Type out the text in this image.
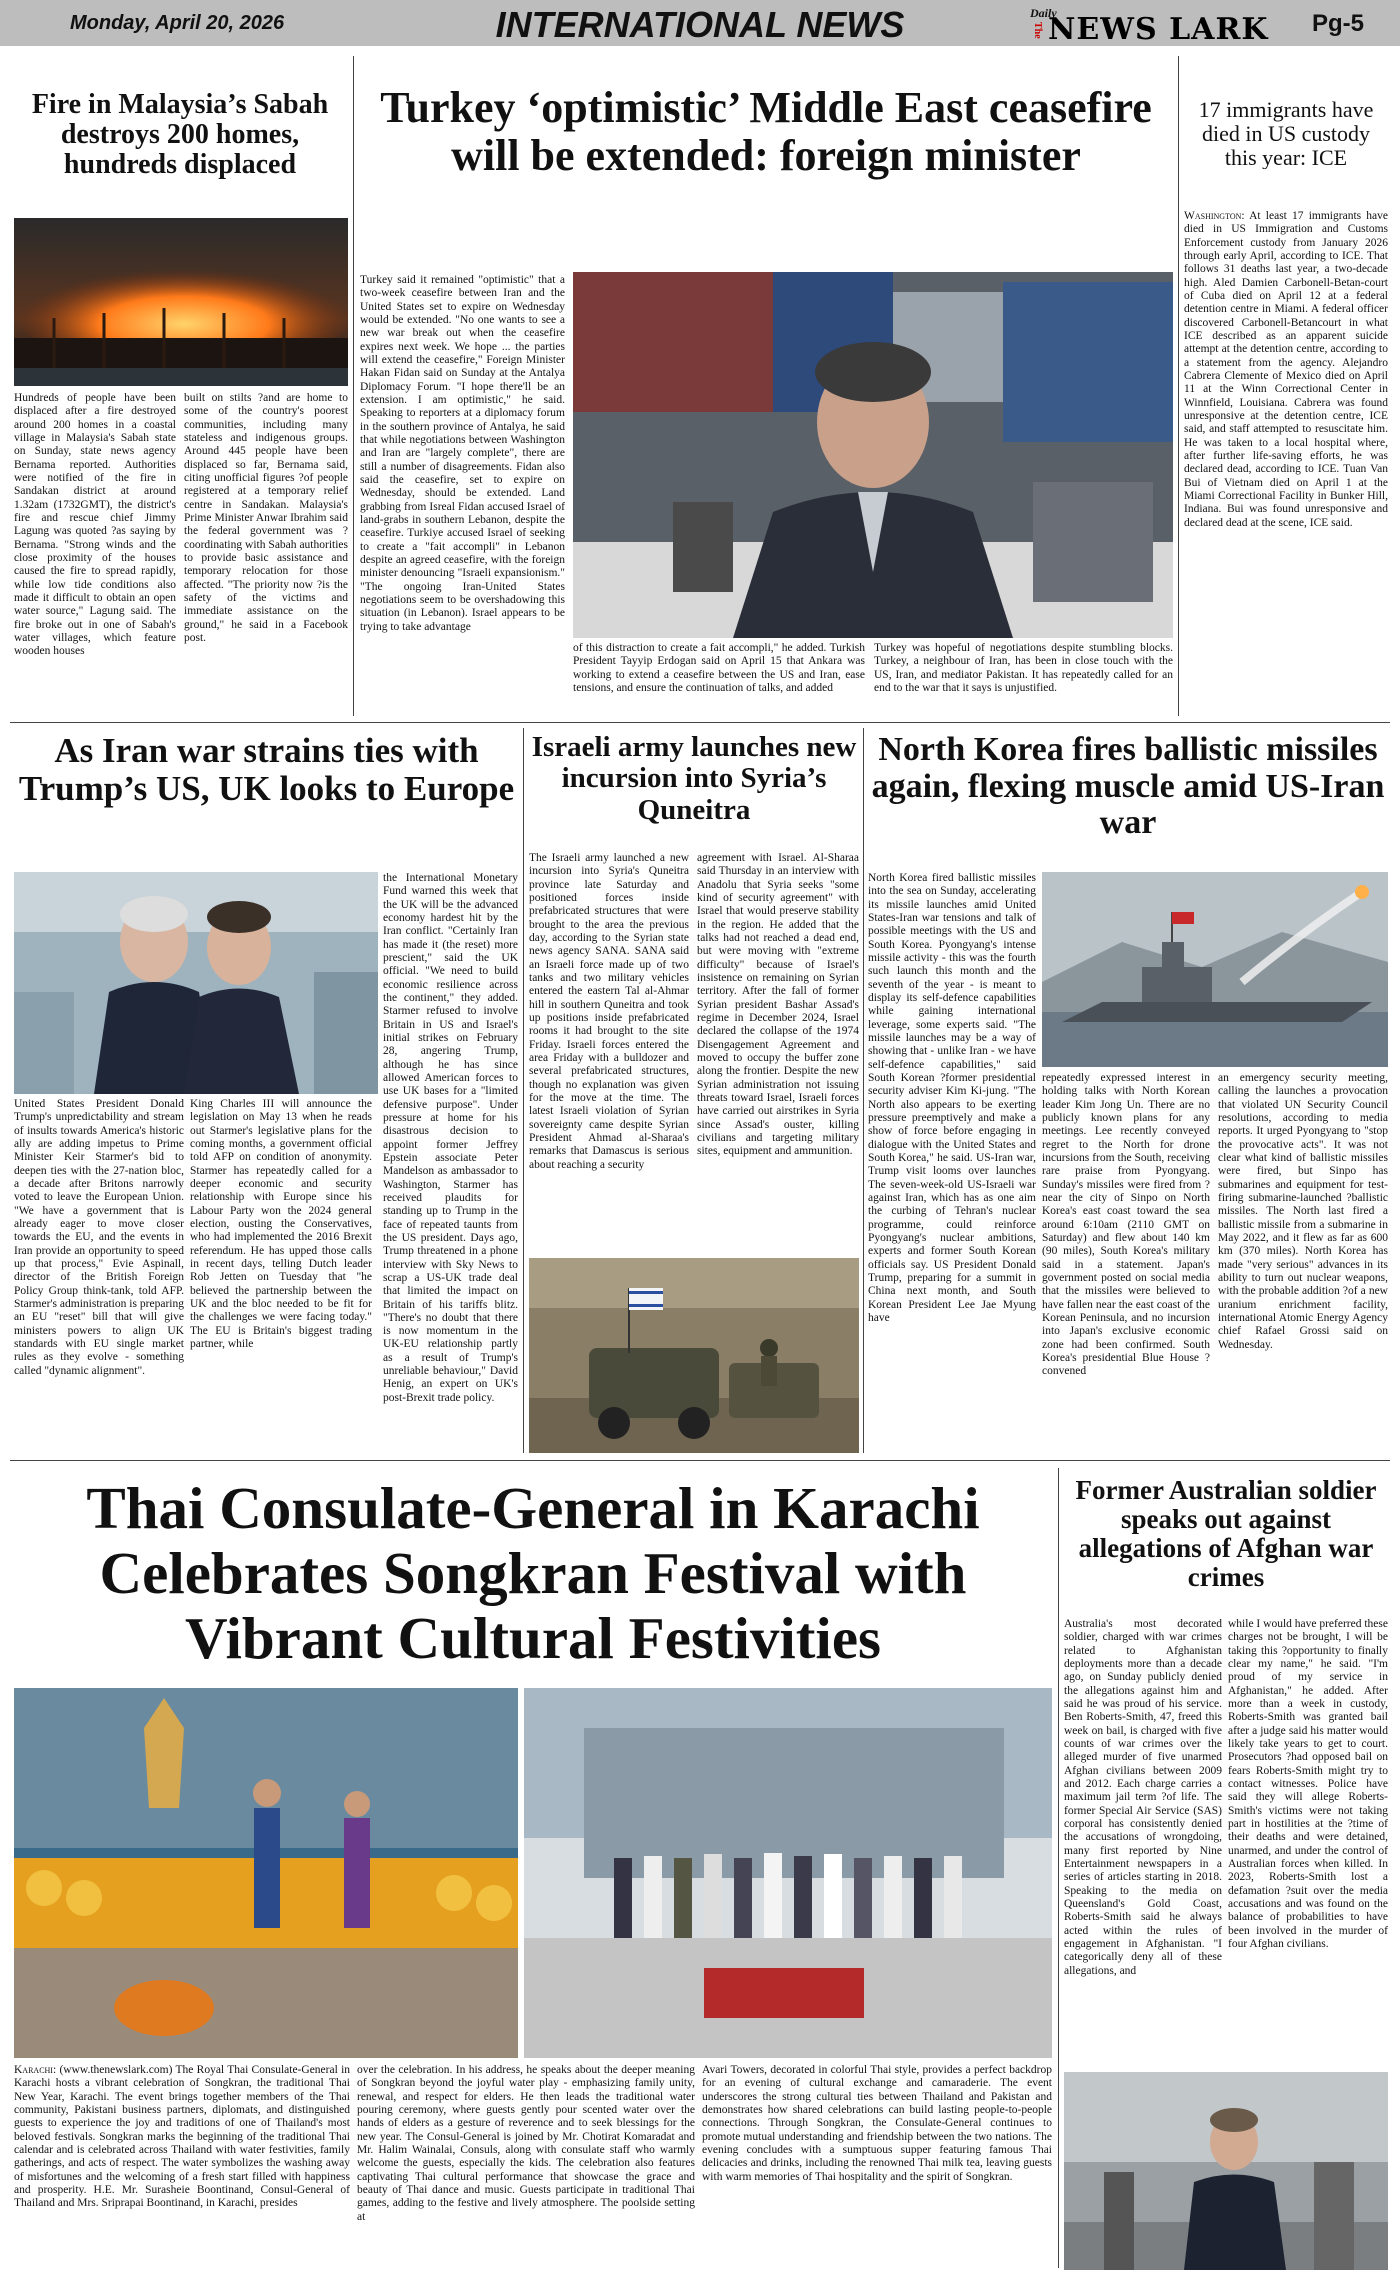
Monday, April 20, 2026	INTERNATIONAL NEWS	Daily
The NEWS LARK Pg-5
Fire in Malaysia’s Sabah destroys 200 homes, hundreds displaced
Hundreds of people have been displaced after a fire destroyed around 200 homes in a coastal village in Malaysia's Sabah state on Sunday, state news agency Bernama reported. Authorities were notified of the fire in Sandakan district at around 1.32am (1732GMT), the district's fire and rescue chief Jimmy Lagung was quoted ?as saying by Bernama. "Strong winds and the close proximity of the houses caused the fire to spread rapidly, while low tide conditions also made it difficult to obtain an open water source," Lagung said. The fire broke out in one of Sabah's water villages, which feature wooden houses
built on stilts ?and are home to some of the country's poorest communities, including many stateless and indigenous groups. Around 445 people have been displaced so far, Bernama said, citing unofficial figures ?of people registered at a temporary relief centre in Sandakan. Malaysia's Prime Minister Anwar Ibrahim said the federal government was ?coordinating with Sabah authorities to provide basic assistance and temporary relocation for those affected. "The priority now ?is the safety of the victims and immediate assistance on the ground," he said in a Facebook post.
Turkey ‘optimistic’ Middle East ceasefire will be extended: foreign minister
Turkey said it remained "optimistic" that a two-week ceasefire between Iran and the United States set to expire on Wednesday would be extended. "No one wants to see a new war break out when the ceasefire expires next week. We hope ... the parties will extend the ceasefire," Foreign Minister Hakan Fidan said on Sunday at the Antalya Diplomacy Forum. "I hope there'll be an extension. I am optimistic," he said. Speaking to reporters at a diplomacy forum in the southern province of Antalya, he said that while negotiations between Washington and Iran are "largely complete", there are still a number of disagreements. Fidan also said the ceasefire, set to expire on Wednesday, should be extended. Land grabbing from Isreal Fidan accused Israel of land-grabs in southern Lebanon, despite the ceasefire. Turkiye accused Israel of seeking to create a "fait accompli" in Lebanon despite an agreed ceasefire, with the foreign minister denouncing "Israeli expansionism." "The ongoing Iran-United States negotiations seem to be overshadowing this situation (in Lebanon). Israel appears to be trying to take advantage
of this distraction to create a fait accompli," he added. Turkish President Tayyip Erdogan said on April 15 that Ankara was working to extend a ceasefire between the US and Iran, ease tensions, and ensure the continuation of talks, and added
Turkey was hopeful of negotiations despite stumbling blocks. Turkey, a neighbour of Iran, has been in close touch with the US, Iran, and mediator Pakistan. It has repeatedly called for an end to the war that it says is unjustified.
17 immigrants have died in US custody this year: ICE
Washington: At least 17 immigrants have died in US Immigration and Customs Enforcement custody from January 2026 through early April, according to ICE. That follows 31 deaths last year, a two-decade high. Aled Damien Carbonell-Betan-court of Cuba died on April 12 at a federal detention centre in Miami. A federal officer discovered Carbonell-Betancourt in what ICE described as an apparent suicide attempt at the detention centre, according to a statement from the agency. Alejandro Cabrera Clemente of Mexico died on April 11 at the Winn Correctional Center in Winnfield, Louisiana. Cabrera was found unresponsive at the detention centre, ICE said, and staff attempted to resuscitate him. He was taken to a local hospital where, after further life-saving efforts, he was declared dead, according to ICE. Tuan Van Bui of Vietnam died on April 1 at the Miami Correctional Facility in Bunker Hill, Indiana. Bui was found unresponsive and declared dead at the scene, ICE said.
As Iran war strains ties with Trump’s US, UK looks to Europe
United States President Donald Trump's unpredictability and stream of insults towards America's historic ally are adding impetus to Prime Minister Keir Starmer's bid to deepen ties with the 27-nation bloc, a decade after Britons narrowly voted to leave the European Union. "We have a government that is already eager to move closer towards the EU, and the events in Iran provide an opportunity to speed up that process," Evie Aspinall, director of the British Foreign Policy Group think-tank, told AFP. Starmer's administration is preparing an EU "reset" bill that will give ministers powers to align UK standards with EU single market rules as they evolve - something called "dynamic alignment".
King Charles III will announce the legislation on May 13 when he reads out Starmer's legislative plans for the coming months, a government official told AFP on condition of anonymity. Starmer has repeatedly called for a deeper economic and security relationship with Europe since his Labour Party won the 2024 general election, ousting the Conservatives, who had implemented the 2016 Brexit referendum. He has upped those calls in recent days, telling Dutch leader Rob Jetten on Tuesday that "he believed the partnership between the UK and the bloc needed to be fit for the challenges we were facing today." The EU is Britain's biggest trading partner, while
the International Monetary Fund warned this week that the UK will be the advanced economy hardest hit by the Iran conflict. "Certainly Iran has made it (the reset) more prescient," said the UK official. "We need to build economic resilience across the continent," they added. Starmer refused to involve Britain in US and Israel's initial strikes on February 28, angering Trump, although he has since allowed American forces to use UK bases for a "limited defensive purpose". Under pressure at home for his disastrous decision to appoint former Jeffrey Epstein associate Peter Mandelson as ambassador to Washington, Starmer has received plaudits for standing up to Trump in the face of repeated taunts from the US president. Days ago, Trump threatened in a phone interview with Sky News to scrap a US-UK trade deal that limited the impact on Britain of his tariffs blitz. "There's no doubt that there is now momentum in the UK-EU relationship partly as a result of Trump's unreliable behaviour," David Henig, an expert on UK's post-Brexit trade policy.
Israeli army launches new incursion into Syria’s Quneitra
The Israeli army launched a new incursion into Syria's Quneitra province late Saturday and positioned forces inside prefabricated structures that were brought to the area the previous day, according to the Syrian state news agency SANA. SANA said an Israeli force made up of two tanks and two military vehicles entered the eastern Tal al-Ahmar hill in southern Quneitra and took up positions inside prefabricated rooms it had brought to the site Friday. Israeli forces entered the area Friday with a bulldozer and several prefabricated structures, though no explanation was given for the move at the time. The latest Israeli violation of Syrian sovereignty came despite Syrian President Ahmad al-Sharaa's remarks that Damascus is serious about reaching a security
agreement with Israel. Al-Sharaa said Thursday in an interview with Anadolu that Syria seeks "some kind of security agreement" with Israel that would preserve stability in the region. He added that the talks had not reached a dead end, but were moving with "extreme difficulty" because of Israel's insistence on remaining on Syrian territory. After the fall of former Syrian president Bashar Assad's regime in December 2024, Israel declared the collapse of the 1974 Disengagement Agreement and moved to occupy the buffer zone along the frontier. Despite the new Syrian administration not issuing threats toward Israel, Israeli forces have carried out airstrikes in Syria since Assad's ouster, killing civilians and targeting military sites, equipment and ammunition.
North Korea fires ballistic missiles again, flexing muscle amid US-Iran war
North Korea fired ballistic missiles into the sea on Sunday, accelerating its missile launches amid United States-Iran war tensions and talk of possible meetings with the US and South Korea. Pyongyang's intense missile activity - this was the fourth such launch this month and the seventh of the year - is meant to display its self-defence capabilities while gaining international leverage, some experts said. "The missile launches may be a way of showing that - unlike Iran - we have self-defence capabilities," said South Korean ?former presidential security adviser Kim Ki-jung. "The North also appears to be exerting pressure preemptively and make a show of force before engaging in dialogue with the United States and South Korea," he said. US-Iran war, Trump visit looms over launches The seven-week-old US-Israeli war against Iran, which has as one aim the curbing of Tehran's nuclear programme, could reinforce Pyongyang's nuclear ambitions, experts and former South Korean officials say. US President Donald Trump, preparing for a summit in China next month, and South Korean President Lee Jae Myung have
repeatedly expressed interest in holding talks with North Korean leader Kim Jong Un. There are no publicly known plans for any meetings. Lee recently conveyed regret to the North for drone incursions from the South, receiving rare praise from Pyongyang. Sunday's missiles were fired from ?near the city of Sinpo on North Korea's east coast toward the sea around 6:10am (2110 GMT on Saturday) and flew about 140 km (90 miles), South Korea's military said in a statement. Japan's government posted on social media that the missiles were believed to have fallen near the east coast of the Korean Peninsula, and no incursion into Japan's exclusive economic zone had been confirmed. South Korea's presidential Blue House ?convened
an emergency security meeting, calling the launches a provocation that violated UN Security Council resolutions, according to media reports. It urged Pyongyang to "stop the provocative acts". It was not clear what kind of ballistic missiles were fired, but Sinpo has submarines and equipment for test-firing submarine-launched ?ballistic missiles. The North last fired a ballistic missile from a submarine in May 2022, and it flew as far as 600 km (370 miles). North Korea has made "very serious" advances in its ability to turn out nuclear weapons, with the probable addition ?of a new uranium enrichment facility, international Atomic Energy Agency chief Rafael Grossi said on Wednesday.
Thai Consulate-General in Karachi Celebrates Songkran Festival with Vibrant Cultural Festivities
Karachi: (www.thenewslark.com) The Royal Thai Consulate-General in Karachi hosts a vibrant celebration of Songkran, the traditional Thai New Year, Karachi. The event brings together members of the Thai community, Pakistani business partners, diplomats, and distinguished guests to experience the joy and traditions of one of Thailand's most beloved festivals. Songkran marks the beginning of the traditional Thai calendar and is celebrated across Thailand with water festivities, family gatherings, and acts of respect. The water symbolizes the washing away of misfortunes and the welcoming of a fresh start filled with happiness and prosperity. H.E. Mr. Surasheie Boontinand, Consul-General of Thailand and Mrs. Sriprapai Boontinand, in Karachi, presides
over the celebration. In his address, he speaks about the deeper meaning of Songkran beyond the joyful water play - emphasizing family unity, renewal, and respect for elders. He then leads the traditional water pouring ceremony, where guests gently pour scented water over the hands of elders as a gesture of reverence and to seek blessings for the new year. The Consul-General is joined by Mr. Chotirat Komaradat and Mr. Halim Wainalai, Consuls, along with consulate staff who warmly welcome the guests, especially the kids. The celebration also features captivating Thai cultural performance that showcase the grace and beauty of Thai dance and music. Guests participate in traditional Thai games, adding to the festive and lively atmosphere. The poolside setting at
Avari Towers, decorated in colorful Thai style, provides a perfect backdrop for an evening of cultural exchange and camaraderie. The event underscores the strong cultural ties between Thailand and Pakistan and demonstrates how shared celebrations can build lasting people-to-people connections. Through Songkran, the Consulate-General continues to promote mutual understanding and friendship between the two nations. The evening concludes with a sumptuous supper featuring famous Thai delicacies and drinks, including the renowned Thai milk tea, leaving guests with warm memories of Thai hospitality and the spirit of Songkran.
Former Australian soldier speaks out against allegations of Afghan war crimes
Australia's most decorated soldier, charged with war crimes related to Afghanistan deployments more than a decade ago, on Sunday publicly denied the allegations against him and said he was proud of his service. Ben Roberts-Smith, 47, freed this week on bail, is charged with five counts of war crimes over the alleged murder of five unarmed Afghan civilians between 2009 and 2012. Each charge carries a maximum jail term ?of life. The former Special Air Service (SAS) corporal has consistently denied the accusations of wrongdoing, many first reported by Nine Entertainment newspapers in a series of articles starting in 2018. Speaking to the media on Queensland's Gold Coast, Roberts-Smith said he always acted within the rules of engagement in Afghanistan. "I categorically deny all of these allegations, and
while I would have preferred these charges not be brought, I will be taking this ?opportunity to finally clear my name," he said. "I'm proud of my service in Afghanistan," he added. After more than a week in custody, Roberts-Smith was granted bail after a judge said his matter would likely take years to get to court. Prosecutors ?had opposed bail on fears Roberts-Smith might try to contact witnesses. Police have said they will allege Roberts-Smith's victims were not taking part in hostilities at the ?time of their deaths and were detained, unarmed, and under the control of Australian forces when killed. In 2023, Roberts-Smith lost a defamation ?suit over the media accusations and was found on the balance of probabilities to have been involved in the murder of four Afghan civilians.
